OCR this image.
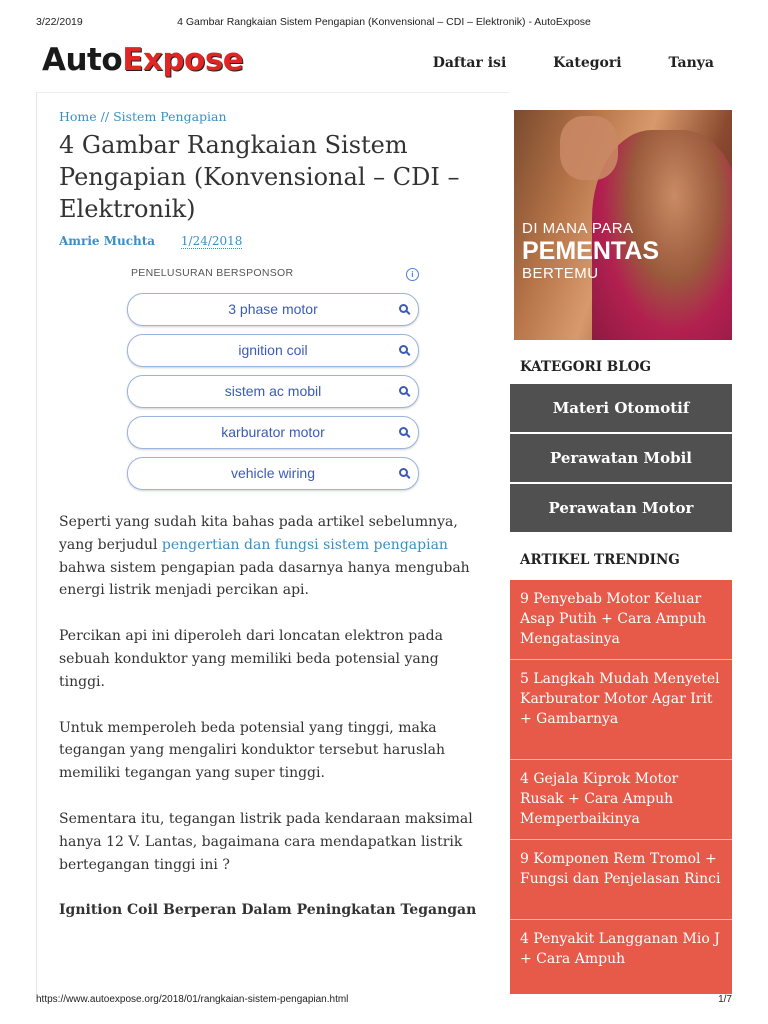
3/22/2019	4 Gambar Rangkaian Sistem Pengapian (Konvensional – CDI – Elektronik) - AutoExpose
AutoExpose	Daftar isi	Kategori	Tanya
Home // Sistem Pengapian
4 Gambar Rangkaian Sistem Pengapian (Konvensional – CDI – Elektronik)
Amrie Muchta 1/24/2018
PENELUSURAN BERSPONSOR	i
3 phase motor
ignition coil
sistem ac mobil
karburator motor
vehicle wiring

Seperti yang sudah kita bahas pada artikel sebelumnya, yang berjudul pengertian dan fungsi sistem pengapian bahwa sistem pengapian pada dasarnya hanya mengubah energi listrik menjadi percikan api.

Percikan api ini diperoleh dari loncatan elektron pada sebuah konduktor yang memiliki beda potensial yang tinggi.

Untuk memperoleh beda potensial yang tinggi, maka tegangan yang mengaliri konduktor tersebut haruslah memiliki tegangan yang super tinggi.

Sementara itu, tegangan listrik pada kendaraan maksimal hanya 12 V. Lantas, bagaimana cara mendapatkan listrik bertegangan tinggi ini ?

Ignition Coil Berperan Dalam Peningkatan Tegangan
DI MANA PARA
PEMENTAS
BERTEMU
KATEGORI BLOG
Materi Otomotif
Perawatan Mobil
Perawatan Motor
ARTIKEL TRENDING
9 Penyebab Motor Keluar Asap Putih + Cara Ampuh Mengatasinya
5 Langkah Mudah Menyetel Karburator Motor Agar Irit + Gambarnya
4 Gejala Kiprok Motor Rusak + Cara Ampuh Memperbaikinya
9 Komponen Rem Tromol + Fungsi dan Penjelasan Rinci
4 Penyakit Langganan Mio J + Cara Ampuh
https://www.autoexpose.org/2018/01/rangkaian-sistem-pengapian.html	1/7
